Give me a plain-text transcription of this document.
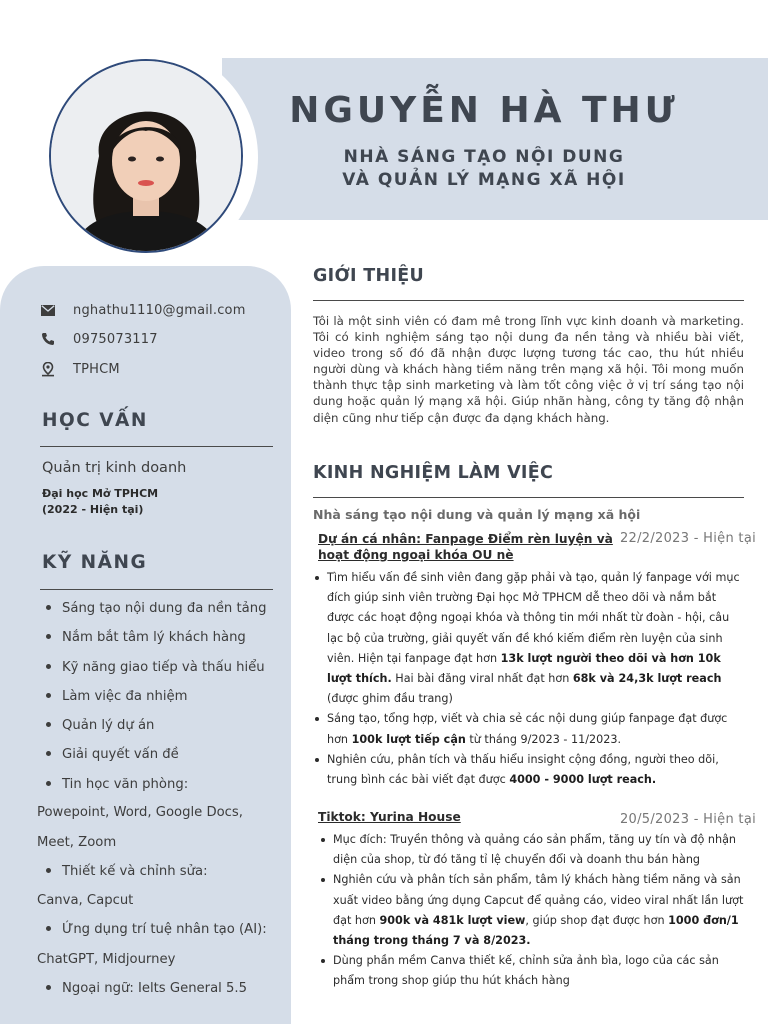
NGUYỄN HÀ THƯ
NHÀ SÁNG TẠO NỘI DUNG
VÀ QUẢN LÝ MẠNG XÃ HỘI
nghathu1110@gmail.com
0975073117
TPHCM
HỌC VẤN
Quản trị kinh doanh
Đại học Mở TPHCM
(2022 - Hiện tại)
KỸ NĂNG
Sáng tạo nội dung đa nền tảng
Nắm bắt tâm lý khách hàng
Kỹ năng giao tiếp và thấu hiểu
Làm việc đa nhiệm
Quản lý dự án
Giải quyết vấn đề
Tin học văn phòng:
Powepoint, Word, Google Docs,
Meet, Zoom
Thiết kế và chỉnh sửa:
Canva, Capcut
Ứng dụng trí tuệ nhân tạo (AI):
ChatGPT, Midjourney
Ngoại ngữ: Ielts General 5.5
GIỚI THIỆU
Tôi là một sinh viên có đam mê trong lĩnh vực kinh doanh và marketing. Tôi có kinh nghiệm sáng tạo nội dung đa nền tảng và nhiều bài viết, video trong số đó đã nhận được lượng tương tác cao, thu hút nhiều người dùng và khách hàng tiềm năng trên mạng xã hội. Tôi mong muốn thành thực tập sinh marketing và làm tốt công việc ở vị trí sáng tạo nội dung hoặc quản lý mạng xã hội. Giúp nhãn hàng, công ty tăng độ nhận diện cũng như tiếp cận được đa dạng khách hàng.
KINH NGHIỆM LÀM VIỆC
Nhà sáng tạo nội dung và quản lý mạng xã hội
Dự án cá nhân: Fanpage Điểm rèn luyện và
hoạt động ngoại khóa OU nè
22/2/2023 - Hiện tại
Tìm hiểu vấn đề sinh viên đang gặp phải và tạo, quản lý fanpage với mục đích giúp sinh viên trường Đại học Mở TPHCM dễ theo dõi và nắm bắt được các hoạt động ngoại khóa và thông tin mới nhất từ đoàn - hội, câu lạc bộ của trường, giải quyết vấn đề khó kiếm điểm rèn luyện của sinh viên. Hiện tại fanpage đạt hơn 13k lượt người theo dõi và hơn 10k lượt thích. Hai bài đăng viral nhất đạt hơn 68k và 24,3k lượt reach (được ghim đầu trang)
Sáng tạo, tổng hợp, viết và chia sẻ các nội dung giúp fanpage đạt được hơn 100k lượt tiếp cận từ tháng 9/2023 - 11/2023.
Nghiên cứu, phân tích và thấu hiểu insight cộng đồng, người theo dõi, trung bình các bài viết đạt được 4000 - 9000 lượt reach.
Tiktok: Yurina House	20/5/2023 - Hiện tại
Mục đích: Truyền thông và quảng cáo sản phẩm, tăng uy tín và độ nhận diện của shop, từ đó tăng tỉ lệ chuyển đổi và doanh thu bán hàng
Nghiên cứu và phân tích sản phẩm, tâm lý khách hàng tiềm năng và sản xuất video bằng ứng dụng Capcut để quảng cáo, video viral nhất lần lượt đạt hơn 900k và 481k lượt view, giúp shop đạt được hơn 1000 đơn/1 tháng trong tháng 7 và 8/2023.
Dùng phần mềm Canva thiết kế, chỉnh sửa ảnh bìa, logo của các sản phẩm trong shop giúp thu hút khách hàng
